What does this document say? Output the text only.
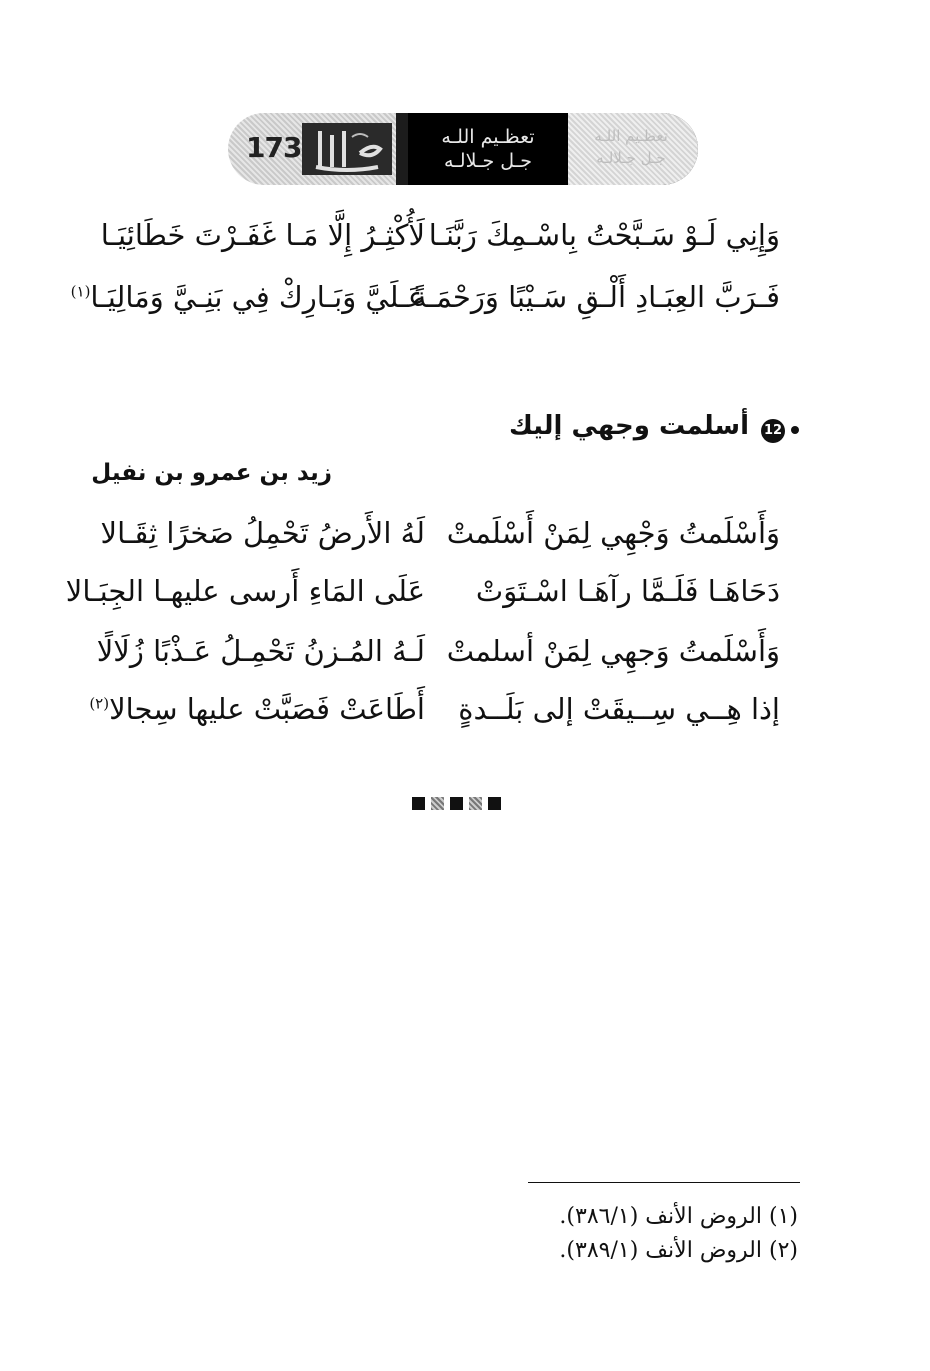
173	تعظـيم اللـه
جـل جـلالـه
تعظـيم اللـه
جـل جـلالـه
وَإِنِي لَـوْ سَـبَّحْتُ بِاسْـمِكَ رَبَّنَـا
لَأُكْثِـرُ إِلَّا مَـا غَفَـرْتَ خَطَائِيَـا
فَـرَبَّ العِبَـادِ أَلْـقِ سَـيْبًا وَرَحْمَـةً
عَـلَيَّ وَبَـارِكْ فِي بَنِـيَّ وَمَالِيَـا$^{(١)}$
12
أسلمت وجهي إليك
زيد بن عمرو بن نفيل
وَأَسْلَمتُ وَجْهِي لِمَنْ أَسْلَمتْ
لَهُ الأَرضُ تَحْمِلُ صَخرًا ثِقَـالا
دَحَاهَـا فَلَـمَّا رآهَـا اسْـتَوَتْ
عَلَى المَاءِ أَرسى عليهـا الجِبَـالا
وَأَسْلَمتُ وَجهِي لِمَنْ أسلمتْ
لَـهُ المُـزنُ تَحْمِـلُ عَـذْبًا زُلَالًا
إذا هِــي سِــيقَتْ إلى بَلَــدةٍ
أَطَاعَتْ فَصَبَّتْ عليها سِجالا$^{(٢)}$
(١) الروض الأنف (٣٨٦/١).
(٢) الروض الأنف (٣٨٩/١).
